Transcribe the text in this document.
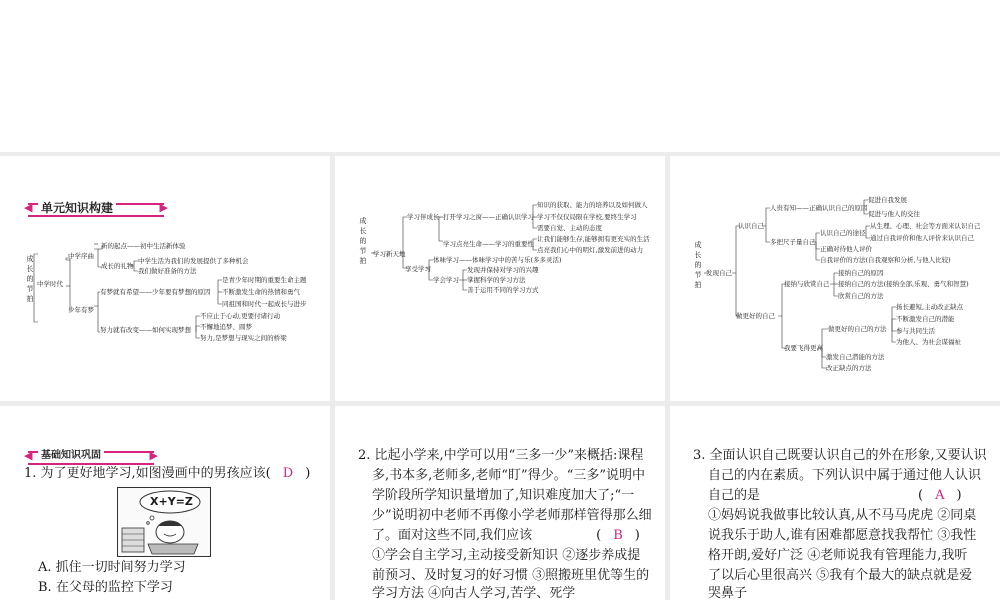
◀ 单元知识构建	▶
成长的节拍
中学时代
中学序曲
新的起点——初中生活新体验
成长的礼物
中学生活为我们的发展提供了多种机会
我们做好准备的方法
少年有梦
有梦就有希望——少年要有梦想的原因
是青少年时期的重要生命主题
不断激发生命的热情和勇气
同祖国和时代一起成长与进步
努力就有改变——如何实现梦想
不应止于心动,更要付诸行动
不懈地追梦、圆梦
努力,是梦想与现实之间的桥梁
成长的节拍
学习新天地
学习伴成长 打开学习之窗——正确认识学习
知识的获取、能力的培养以及如何做人
学习不仅仅局限在学校,要终生学习
需要自觉、主动的态度
学习点亮生命——学习的重要性
让我们能够生存,能够拥有更充实的生活
点亮我们心中的明灯,激发前进的动力
享受学习
体味学习——体味学习中的苦与乐(多多灵活)
学会学习
发现并保持对学习的兴趣
掌握科学的学习方法
善于运用不同的学习方式
成长的节拍
发现自己
认识自己
人贵有知——正确认识自己的原因
促进自我发展
促进与他人的交往
多把尺子量自己
认识自己的途径
从生理、心理、社会等方面来认识自己
通过自我评价和他人评价来认识自己
正确对待他人评价
自我评价的方法(自我观察和分析,与他人比较)
做更好的自己
接纳与欣赏自己
接纳自己的原因
接纳自己的方法(接纳全部,乐观、勇气和智慧)
欣赏自己的方法
我要飞得更高
做更好的自己的方法
扬长避短,主动改正缺点
不断激发自己的潜能
参与共同生活
为他人、为社会谋福祉
激发自己潜能的方法
改正缺点的方法
◀ 基础知识巩固	▶
1. 为了更好地学习,如图漫画中的男孩应该( D )
X+Y=Z
A. 抓住一切时间努力学习
B. 在父母的监控下学习
2. 比起小学来,中学可以用“三多一少”来概括:课程
多,书本多,老师多,老师“盯”得少。“三多”说明中
学阶段所学知识量增加了,知识难度加大了;“一
少”说明初中老师不再像小学老师那样管得那么细
了。面对这些不同,我们应该	( B )
①学会自主学习,主动接受新知识 ②逐步养成提
前预习、及时复习的好习惯 ③照搬班里优等生的
学习方法 ④向古人学习,苦学、死学
3. 全面认识自己既要认识自己的外在形象,又要认识
自己的内在素质。下列认识中属于通过他人认识
自己的是	( A )
①妈妈说我做事比较认真,从不马马虎虎 ②同桌
说我乐于助人,谁有困难都愿意找我帮忙 ③我性
格开朗,爱好广泛 ④老师说我有管理能力,我听
了以后心里很高兴 ⑤我有个最大的缺点就是爱
哭鼻子
